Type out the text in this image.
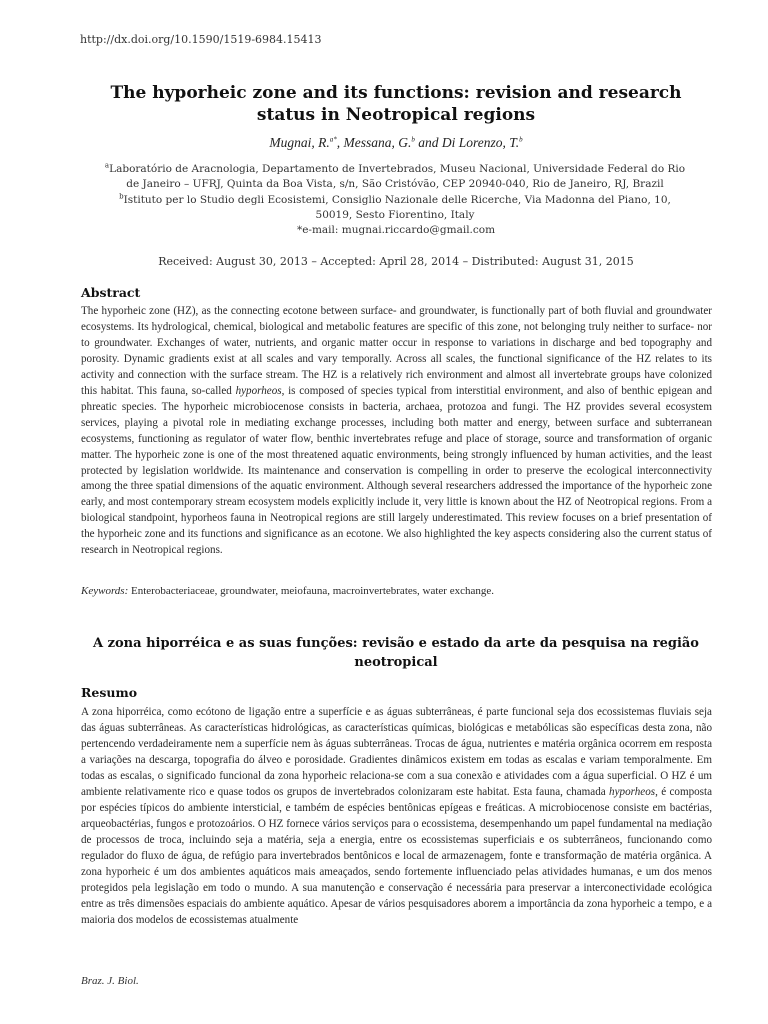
http://dx.doi.org/10.1590/1519-6984.15413
The hyporheic zone and its functions: revision and research status in Neotropical regions
Mugnai, R.$^{a*}$, Messana, G.$^b$ and Di Lorenzo, T.$^b$
$^a$Laboratório de Aracnologia, Departamento de Invertebrados, Museu Nacional, Universidade Federal do Rio de Janeiro – UFRJ, Quinta da Boa Vista, s/n, São Cristóvão, CEP 20940-040, Rio de Janeiro, RJ, Brazil
$^b$Istituto per lo Studio degli Ecosistemi, Consiglio Nazionale delle Ricerche, Via Madonna del Piano, 10, 50019, Sesto Fiorentino, Italy
*e-mail: mugnai.riccardo@gmail.com
Received: August 30, 2013 – Accepted: April 28, 2014 – Distributed: August 31, 2015
Abstract
The hyporheic zone (HZ), as the connecting ecotone between surface- and groundwater, is functionally part of both fluvial and groundwater ecosystems. Its hydrological, chemical, biological and metabolic features are specific of this zone, not belonging truly neither to surface- nor to groundwater. Exchanges of water, nutrients, and organic matter occur in response to variations in discharge and bed topography and porosity. Dynamic gradients exist at all scales and vary temporally. Across all scales, the functional significance of the HZ relates to its activity and connection with the surface stream. The HZ is a relatively rich environment and almost all invertebrate groups have colonized this habitat. This fauna, so-called hyporheos, is composed of species typical from interstitial environment, and also of benthic epigean and phreatic species. The hyporheic microbiocenose consists in bacteria, archaea, protozoa and fungi. The HZ provides several ecosystem services, playing a pivotal role in mediating exchange processes, including both matter and energy, between surface and subterranean ecosystems, functioning as regulator of water flow, benthic invertebrates refuge and place of storage, source and transformation of organic matter. The hyporheic zone is one of the most threatened aquatic environments, being strongly influenced by human activities, and the least protected by legislation worldwide. Its maintenance and conservation is compelling in order to preserve the ecological interconnectivity among the three spatial dimensions of the aquatic environment. Although several researchers addressed the importance of the hyporheic zone early, and most contemporary stream ecosystem models explicitly include it, very little is known about the HZ of Neotropical regions. From a biological standpoint, hyporheos fauna in Neotropical regions are still largely underestimated. This review focuses on a brief presentation of the hyporheic zone and its functions and significance as an ecotone. We also highlighted the key aspects considering also the current status of research in Neotropical regions.
Keywords: Enterobacteriaceae, groundwater, meiofauna, macroinvertebrates, water exchange.
A zona hiporréica e as suas funções: revisão e estado da arte da pesquisa na região neotropical
Resumo
A zona hiporréica, como ecótono de ligação entre a superfície e as águas subterrâneas, é parte funcional seja dos ecossistemas fluviais seja das águas subterrâneas. As características hidrológicas, as características químicas, biológicas e metabólicas são específicas desta zona, não pertencendo verdadeiramente nem a superfície nem às águas subterrâneas. Trocas de água, nutrientes e matéria orgânica ocorrem em resposta a variações na descarga, topografia do álveo e porosidade. Gradientes dinâmicos existem em todas as escalas e variam temporalmente. Em todas as escalas, o significado funcional da zona hyporheic relaciona-se com a sua conexão e atividades com a água superficial. O HZ é um ambiente relativamente rico e quase todos os grupos de invertebrados colonizaram este habitat. Esta fauna, chamada hyporheos, é composta por espécies típicos do ambiente intersticial, e também de espécies bentônicas epígeas e freáticas. A microbiocenose consiste em bactérias, arqueobactérias, fungos e protozoários. O HZ fornece vários serviços para o ecossistema, desempenhando um papel fundamental na mediação de processos de troca, incluindo seja a matéria, seja a energia, entre os ecossistemas superficiais e os subterrâneos, funcionando como regulador do fluxo de água, de refúgio para invertebrados bentônicos e local de armazenagem, fonte e transformação de matéria orgânica. A zona hyporheic é um dos ambientes aquáticos mais ameaçados, sendo fortemente influenciado pelas atividades humanas, e um dos menos protegidos pela legislação em todo o mundo. A sua manutenção e conservação é necessária para preservar a interconectividade ecológica entre as três dimensões espaciais do ambiente aquático. Apesar de vários pesquisadores aborem a importância da zona hyporheic a tempo, e a maioria dos modelos de ecossistemas atualmente
Braz. J. Biol.
